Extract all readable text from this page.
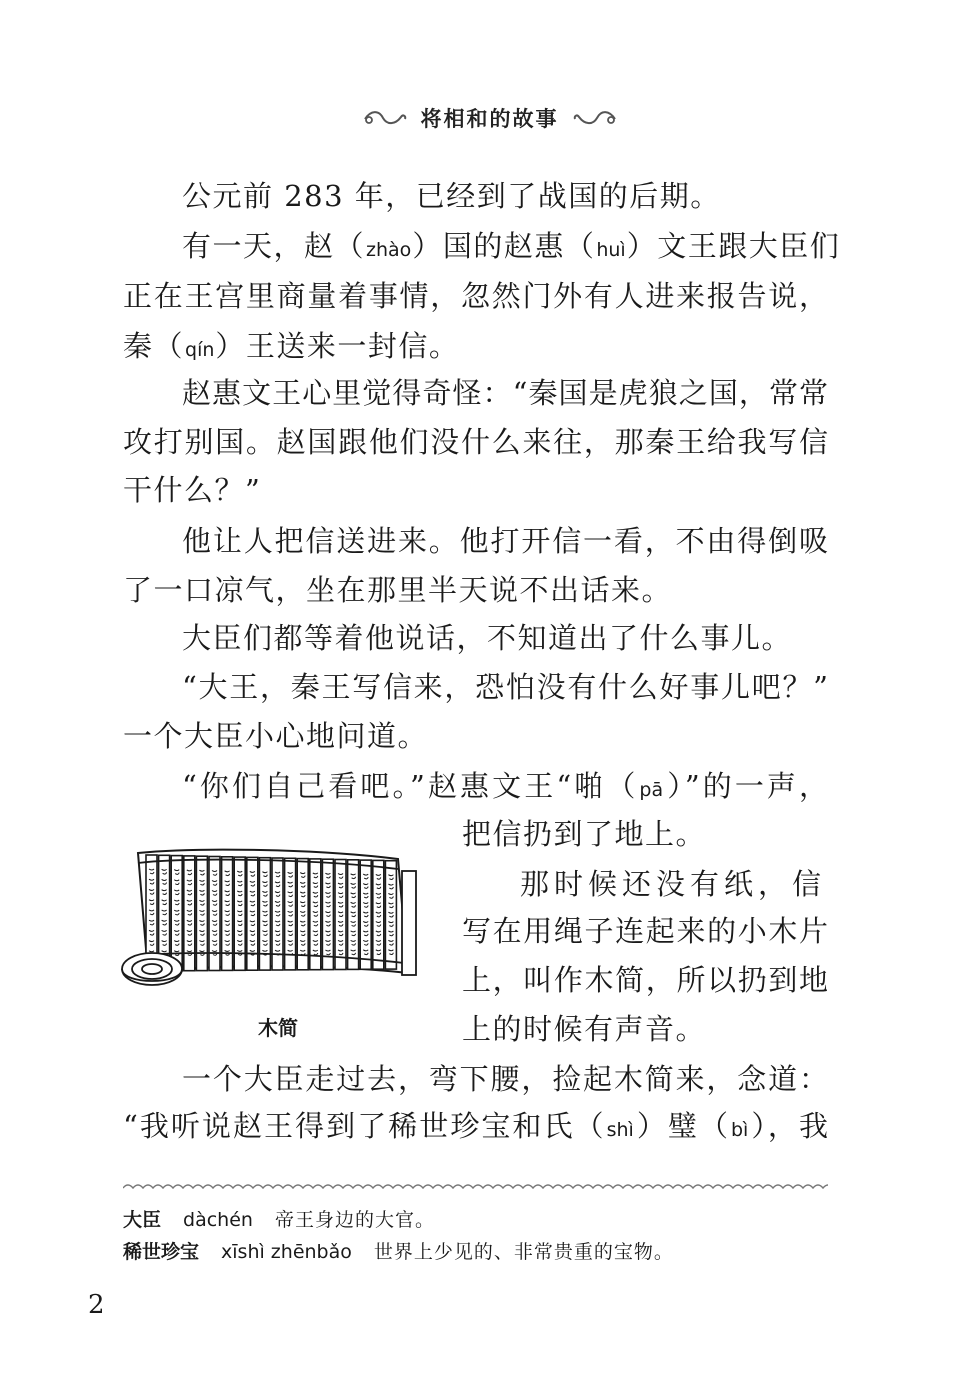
将相和的故事
公元前 283 年，已经到了战国的后期。
有一天，赵（zhào）国的赵惠（huì）文王跟大臣们
正在王宫里商量着事情，忽然门外有人进来报告说，
秦（qín）王送来一封信。
赵惠文王心里觉得奇怪：“秦国是虎狼之国，常常
攻打别国。赵国跟他们没什么来往，那秦王给我写信
干什么？”
他让人把信送进来。他打开信一看，不由得倒吸
了一口凉气，坐在那里半天说不出话来。
大臣们都等着他说话，不知道出了什么事儿。
“大王，秦王写信来，恐怕没有什么好事儿吧？”
一个大臣小心地问道。
“你们自己看吧。”赵惠文王“啪（pā）”的一声，
把信扔到了地上。
那时候还没有纸，信
写在用绳子连起来的小木片
上，叫作木简，所以扔到地
上的时候有声音。
一个大臣走过去，弯下腰，捡起木简来，念道：
“我听说赵王得到了稀世珍宝和氏（shì）璧（bì），我
木简
大臣 dàchén 帝王身边的大官。
稀世珍宝 xīshì zhēnbǎo 世界上少见的、非常贵重的宝物。
2
